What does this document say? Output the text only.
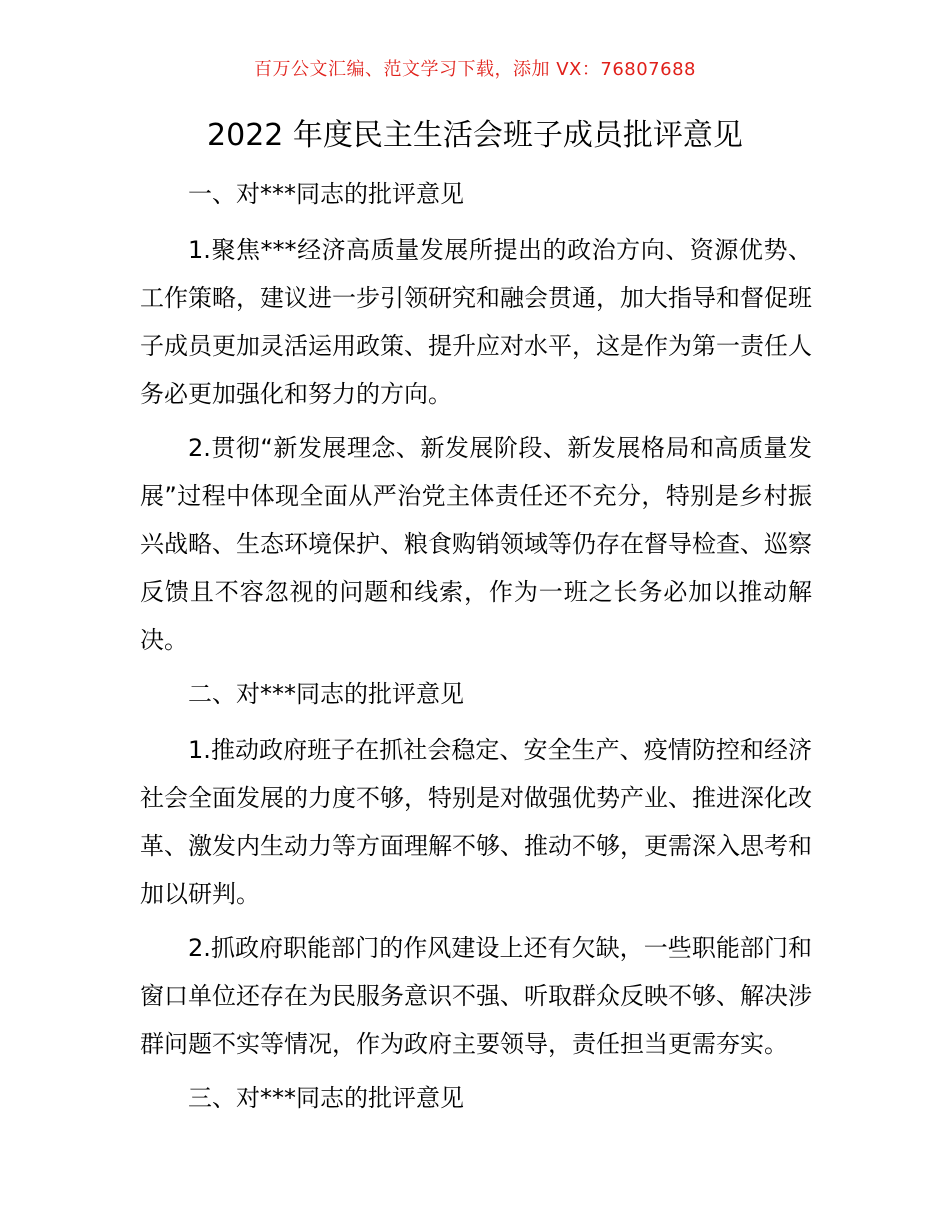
百万公文汇编、范文学习下载，添加 VX：76807688
2022 年度民主生活会班子成员批评意见

一、对***同志的批评意见

1.聚焦***经济高质量发展所提出的政治方向、资源优势、工作策略，建议进一步引领研究和融会贯通，加大指导和督促班子成员更加灵活运用政策、提升应对水平，这是作为第一责任人务必更加强化和努力的方向。

2.贯彻“新发展理念、新发展阶段、新发展格局和高质量发展”过程中体现全面从严治党主体责任还不充分，特别是乡村振兴战略、生态环境保护、粮食购销领域等仍存在督导检查、巡察反馈且不容忽视的问题和线索，作为一班之长务必加以推动解决。

二、对***同志的批评意见

1.推动政府班子在抓社会稳定、安全生产、疫情防控和经济社会全面发展的力度不够，特别是对做强优势产业、推进深化改革、激发内生动力等方面理解不够、推动不够，更需深入思考和加以研判。

2.抓政府职能部门的作风建设上还有欠缺，一些职能部门和窗口单位还存在为民服务意识不强、听取群众反映不够、解决涉群问题不实等情况，作为政府主要领导，责任担当更需夯实。

三、对***同志的批评意见
